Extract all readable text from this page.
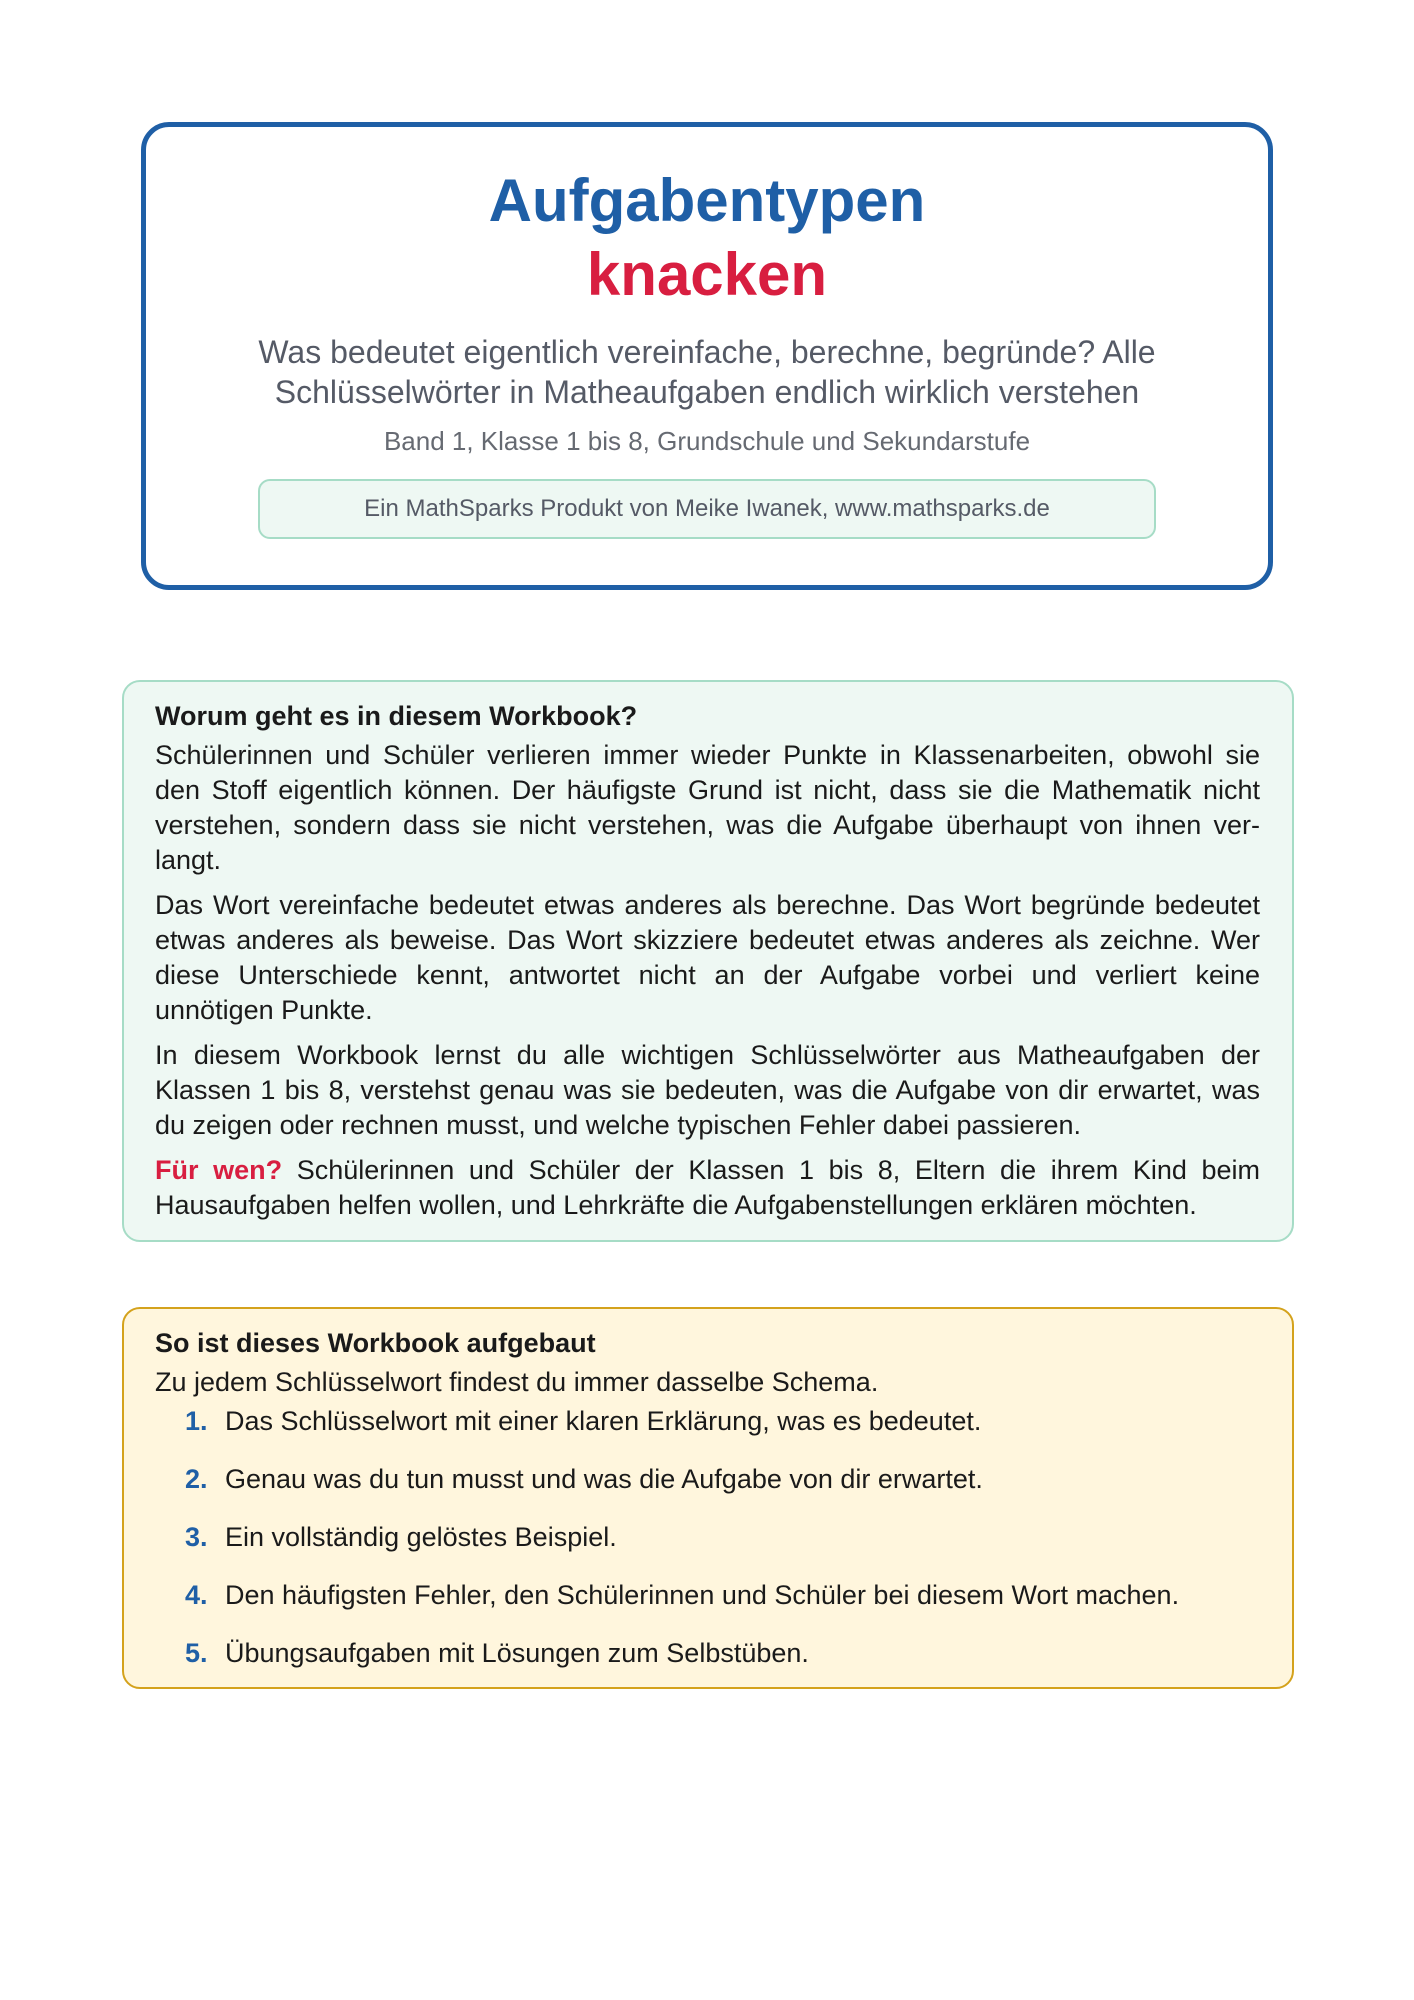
Aufgabentypen
knacken
Was bedeutet eigentlich vereinfache, berechne, begründe? Alle
Schlüsselwörter in Matheaufgaben endlich wirklich verstehen
Band 1, Klasse 1 bis 8, Grundschule und Sekundarstufe
Ein MathSparks Produkt von Meike Iwanek, www.mathsparks.de
Worum geht es in diesem Workbook?

Schülerinnen und Schüler verlieren immer wieder Punkte in Klassenarbeiten, obwohl sie den Stoff eigentlich können. Der häufigste Grund ist nicht, dass sie die Mathematik nicht verstehen, sondern dass sie nicht verstehen, was die Aufgabe überhaupt von ihnen verlangt.

Das Wort vereinfache bedeutet etwas anderes als berechne. Das Wort begründe bedeutet etwas anderes als beweise. Das Wort skizziere bedeutet etwas anderes als zeichne. Wer diese Unterschiede kennt, antwortet nicht an der Aufgabe vorbei und verliert keine unnötigen Punkte.

In diesem Workbook lernst du alle wichtigen Schlüsselwörter aus Matheaufgaben der Klassen 1 bis 8, verstehst genau was sie bedeuten, was die Aufgabe von dir erwartet, was du zeigen oder rechnen musst, und welche typischen Fehler dabei passieren.

Für wen? Schülerinnen und Schüler der Klassen 1 bis 8, Eltern die ihrem Kind beim Hausaufgaben helfen wollen, und Lehrkräfte die Aufgabenstellungen erklären möchten.

So ist dieses Workbook aufgebaut
Zu jedem Schlüsselwort findest du immer dasselbe Schema.
1. Das Schlüsselwort mit einer klaren Erklärung, was es bedeutet.
2. Genau was du tun musst und was die Aufgabe von dir erwartet.
3. Ein vollständig gelöstes Beispiel.
4. Den häufigsten Fehler, den Schülerinnen und Schüler bei diesem Wort machen.
5. Übungsaufgaben mit Lösungen zum Selbstüben.
